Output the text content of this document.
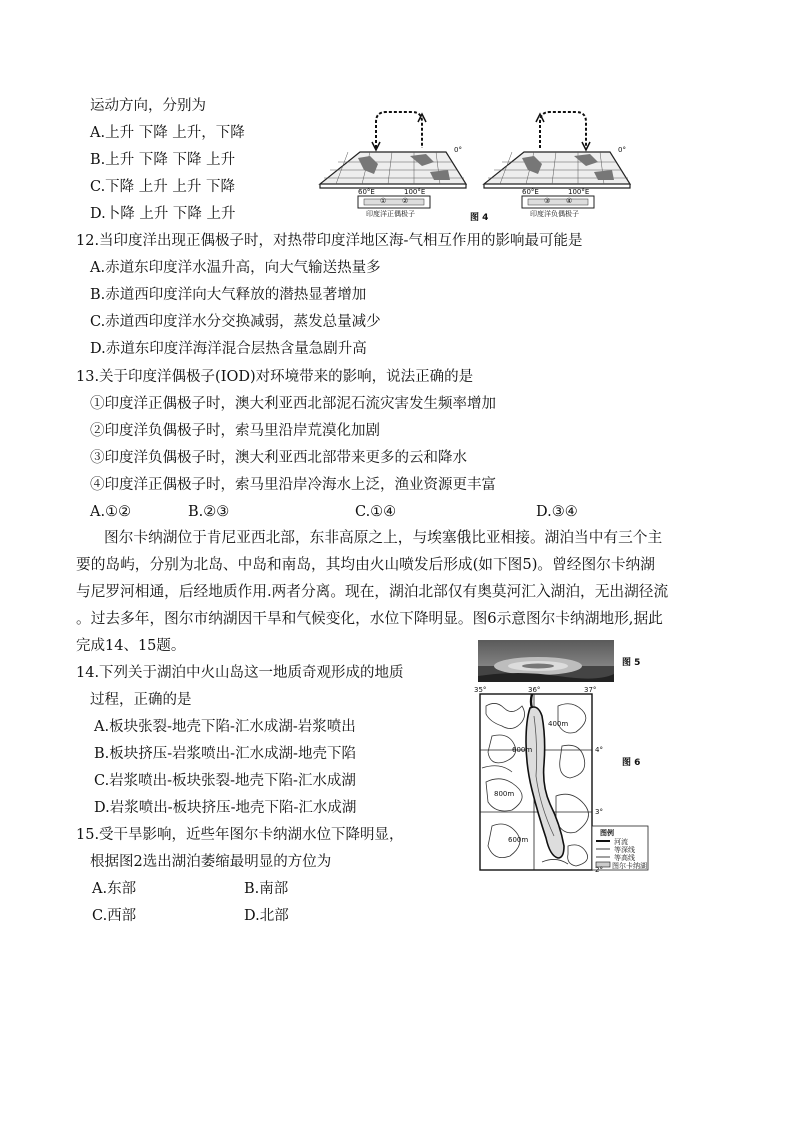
运动方向，分别为
A.上升 下降 上升，下降
B.上升 下降 下降 上升
C.下降 上升 上升 下降
D.卜降 上升 下降 上升
0°
60°E	100°E
印度洋正偶极子
① ②
0°
60°E	100°E
印度洋负偶极子
③ ④
图 4
12.当印度洋出现正偶极子时，对热带印度洋地区海-气相互作用的影响最可能是
A.赤道东印度洋水温升高，向大气输送热量多
B.赤道西印度洋向大气释放的潜热显著增加
C.赤道西印度洋水分交换减弱，蒸发总量减少
D.赤道东印度洋海洋混合层热含量急剧升高
13.关于印度洋偶极子(IOD)对环境带来的影响，说法正确的是
①印度洋正偶极子时，澳大利亚西北部泥石流灾害发生频率增加
②印度洋负偶极子时，索马里沿岸荒漠化加剧
③印度洋负偶极子时，澳大利亚西北部带来更多的云和降水
④印度洋正偶极子时，索马里沿岸冷海水上泛，渔业资源更丰富
A.①②	B.②③	C.①④	D.③④
图尔卡纳湖位于肯尼亚西北部，东非高原之上，与埃塞俄比亚相接。湖泊当中有三个主
要的岛屿，分别为北岛、中岛和南岛，其均由火山喷发后形成(如下图5)。曾经图尔卡纳湖
与尼罗河相通，后经地质作用.两者分离。现在，湖泊北部仅有奥莫河汇入湖泊，无出湖径流
。过去多年，图尔市纳湖因干旱和气候变化，水位下降明显。图6示意图尔卡纳湖地形,据此
完成14、15题。
14.下列关于湖泊中火山岛这一地质奇观形成的地质
过程，正确的是
A.板块张裂-地壳下陷-汇水成湖-岩浆喷出
B.板块挤压-岩浆喷出-汇水成湖-地壳下陷
C.岩浆喷出-板块张裂-地壳下陷-汇水成湖
D.岩浆喷出-板块挤压-地壳下陷-汇水成湖
15.受干旱影响，近些年图尔卡纳湖水位下降明显，
根据图2选出湖泊萎缩最明显的方位为
A.东部	B.南部
C.西部	D.北部
图 5
35°	36°	37°
4°
3°
2°
400m
600m
800m
600m
图例
河流
等深线
等高线
图尔卡纳湖
图 6
